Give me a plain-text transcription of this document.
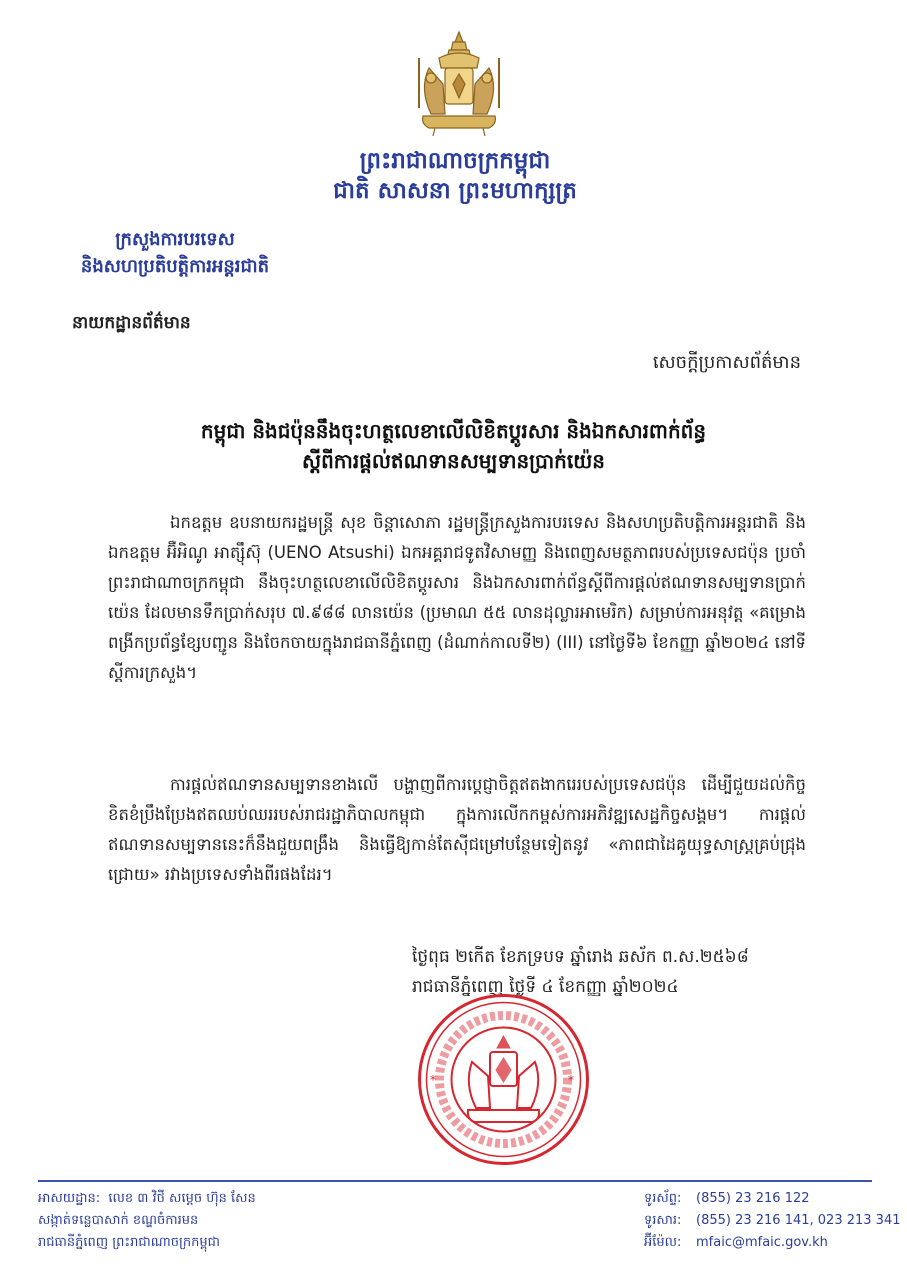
ព្រះរាជាណាចក្រកម្ពុជា
ជាតិ សាសនា ព្រះមហាក្សត្រ
ក្រសួងការបរទេស
និងសហប្រតិបត្តិការអន្តរជាតិ
នាយកដ្ឋានព័ត៌មាន
សេចក្តីប្រកាសព័ត៌មាន
កម្ពុជា និងជប៉ុននឹងចុះហត្ថលេខាលើលិខិតប្តូរសារ និងឯកសារពាក់ព័ន្ធ
ស្តីពីការផ្តល់ឥណទានសម្បទានប្រាក់យ៉េន
ឯកឧត្តម ឧបនាយករដ្ឋមន្ត្រី សុខ ចិន្តាសោភា រដ្ឋមន្ត្រីក្រសួងការបរទេស និងសហប្រតិបត្តិការអន្តរជាតិ និងឯកឧត្តម អ៊ឺអិណូ អាត្ស៊ឹស៊ុ (UENO Atsushi) ឯកអគ្គរាជទូតវិសាមញ្ញ និងពេញសមត្ថភាពរបស់ប្រទេសជប៉ុន ប្រចាំព្រះរាជាណាចក្រកម្ពុជា នឹងចុះហត្ថលេខាលើលិខិតប្តូរសារ និងឯកសារពាក់ព័ន្ធស្តីពីការផ្តល់ឥណទានសម្បទានប្រាក់យ៉េន ដែលមានទឹកប្រាក់សរុប ៧.៩៨៨ លានយ៉េន (ប្រមាណ ៥៥ លានដុល្លារអាមេរិក) សម្រាប់ការអនុវត្ត «គម្រោងពង្រីកប្រព័ន្ធខ្សែបញ្ជូន និងចែកចាយក្នុងរាជធានីភ្នំពេញ (ដំណាក់កាលទី២) (III) នៅថ្ងៃទី៦ ខែកញ្ញា ឆ្នាំ២០២៤ នៅទីស្តីការក្រសួង។
ការផ្តល់ឥណទានសម្បទានខាងលើ បង្ហាញពីការប្តេជ្ញាចិត្តឥតងាករេរបស់ប្រទេសជប៉ុន ដើម្បីជួយដល់កិច្ចខិតខំប្រឹងប្រែងឥតឈប់ឈររបស់រាជរដ្ឋាភិបាលកម្ពុជា ក្នុងការលើកកម្ពស់ការអភិវឌ្ឍសេដ្ឋកិច្ចសង្គម។ ការផ្តល់ឥណទានសម្បទាននេះក៏នឹងជួយពង្រឹង និងធ្វើឱ្យកាន់តែស៊ីជម្រៅបន្ថែមទៀតនូវ «ភាពជាដៃគូយុទ្ធសាស្ត្រគ្រប់ជ្រុងជ្រោយ» រវាងប្រទេសទាំងពីរផងដែរ។
ថ្ងៃពុធ ២កើត ខែភទ្របទ ឆ្នាំរោង ឆស័ក ព.ស.២៥៦៨
រាជធានីភ្នំពេញ ថ្ងៃទី ៤ ខែកញ្ញា ឆ្នាំ២០២៤
*	*
អាសយដ្ឋាន:
លេខ ៣ វិថី សម្តេច ហ៊ុន សែន
សង្កាត់ទន្លេបាសាក់ ខណ្ឌចំការមន
រាជធានីភ្នំពេញ ព្រះរាជាណាចក្រកម្ពុជា
ទូរស័ព្ទ:	(855) 23 216 122
ទូរសារ:	(855) 23 216 141, 023 213 341
អ៊ីម៉ែល:	mfaic@mfaic.gov.kh
